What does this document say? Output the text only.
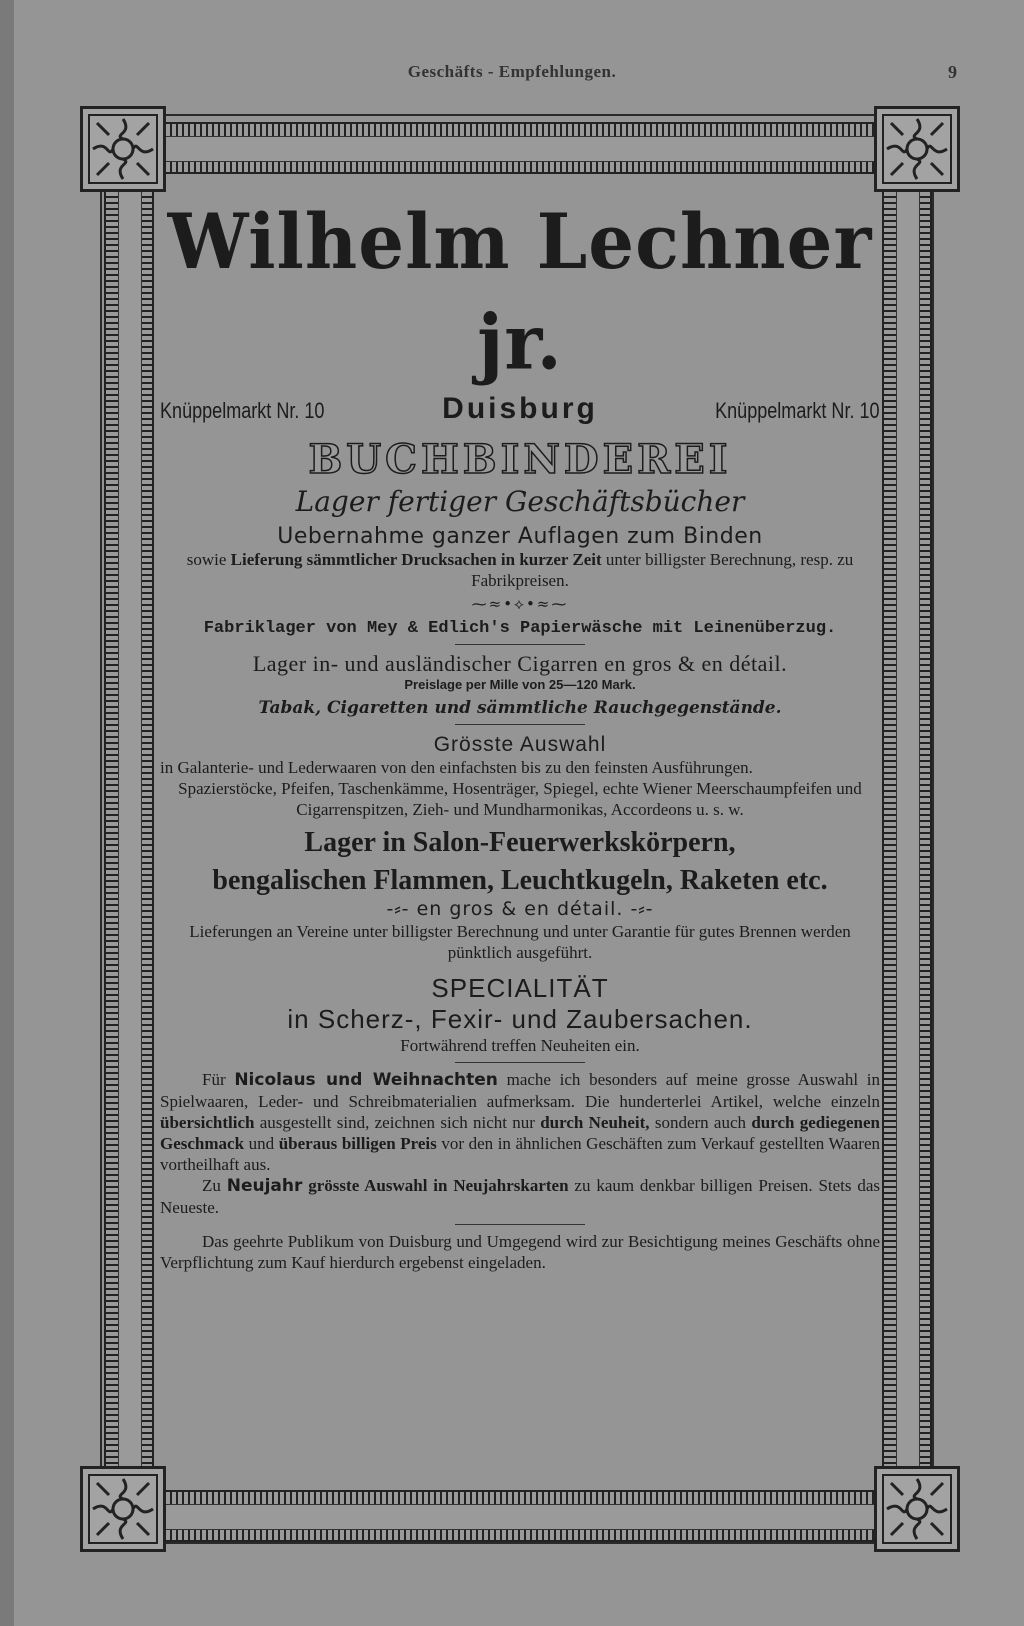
Geschäfts - Empfehlungen.	9
Wilhelm Lechner jr.
Knüppelmarkt Nr. 10	Duisburg	Knüppelmarkt Nr. 10
BUCHBINDEREI
Lager fertiger Geschäftsbücher
Uebernahme ganzer Auflagen zum Binden
sowie Lieferung sämmtlicher Drucksachen in kurzer Zeit unter billigster Berechnung, resp. zu Fabrikpreisen.
⁓≈•⟡•≈⁓
Fabriklager von Mey & Edlich's Papierwäsche mit Leinenüberzug.
Lager in- und ausländischer Cigarren en gros & en détail.
Preislage per Mille von 25—120 Mark.
Tabak, Cigaretten und sämmtliche Rauchgegenstände.
Grösste Auswahl
in Galanterie- und Lederwaaren von den einfachsten bis zu den feinsten Ausführungen.
Spazierstöcke, Pfeifen, Taschenkämme, Hosenträger, Spiegel, echte Wiener Meerschaumpfeifen und Cigarrenspitzen, Zieh- und Mundharmonikas, Accordeons u. s. w.
Lager in Salon-Feuerwerkskörpern,
bengalischen Flammen, Leuchtkugeln, Raketen etc.
-⸗- en gros & en détail. -⸗-
Lieferungen an Vereine unter billigster Berechnung und unter Garantie für gutes Brennen werden pünktlich ausgeführt.
SPECIALITÄT
in Scherz-, Fexir- und Zaubersachen.
Fortwährend treffen Neuheiten ein.
Für Nicolaus und Weihnachten mache ich besonders auf meine grosse Auswahl in Spielwaaren, Leder- und Schreibmaterialien aufmerksam. Die hunderterlei Artikel, welche einzeln übersichtlich ausgestellt sind, zeichnen sich nicht nur durch Neuheit, sondern auch durch gediegenen Geschmack und überaus billigen Preis vor den in ähnlichen Geschäften zum Verkauf gestellten Waaren vortheilhaft aus.
Zu Neujahr grösste Auswahl in Neujahrskarten zu kaum denkbar billigen Preisen. Stets das Neueste.
Das geehrte Publikum von Duisburg und Umgegend wird zur Besichtigung meines Geschäfts ohne Verpflichtung zum Kauf hierdurch ergebenst eingeladen.
